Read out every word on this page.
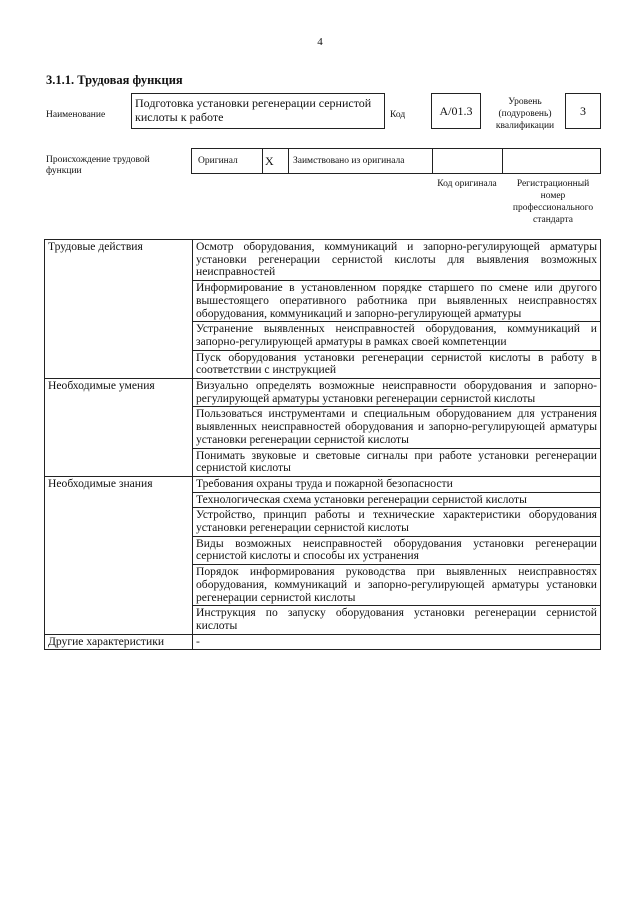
4
3.1.1. Трудовая функция
Наименование
Подготовка установки регенерации сернистой кислоты к работе	Код	А/01.3
Уровень (подуровень) квалификации
3
Происхождение трудовой функции
Оригинал X Заимствовано из оригинала
Код оригинала	Регистрационный номер профессионального стандарта
Трудовые действия	Осмотр оборудования, коммуникаций и запорно-регулирующей арматуры установки регенерации сернистой кислоты для выявления возможных неисправностей
	Информирование в установленном порядке старшего по смене или другого вышестоящего оперативного работника при выявленных неисправностях оборудования, коммуникаций и запорно-регулирующей арматуры
	Устранение выявленных неисправностей оборудования, коммуникаций и запорно-регулирующей арматуры в рамках своей компетенции
	Пуск оборудования установки регенерации сернистой кислоты в работу в соответствии с инструкцией
Необходимые умения	Визуально определять возможные неисправности оборудования и запорно-регулирующей арматуры установки регенерации сернистой кислоты
	Пользоваться инструментами и специальным оборудованием для устранения выявленных неисправностей оборудования и запорно-регулирующей арматуры установки регенерации сернистой кислоты
	Понимать звуковые и световые сигналы при работе установки регенерации сернистой кислоты
Необходимые знания	Требования охраны труда и пожарной безопасности
	Технологическая схема установки регенерации сернистой кислоты
	Устройство, принцип работы и технические характеристики оборудования установки регенерации сернистой кислоты
	Виды возможных неисправностей оборудования установки регенерации сернистой кислоты и способы их устранения
	Порядок информирования руководства при выявленных неисправностях оборудования, коммуникаций и запорно-регулирующей арматуры установки регенерации сернистой кислоты
	Инструкция по запуску оборудования установки регенерации сернистой кислоты
Другие характеристики	-
